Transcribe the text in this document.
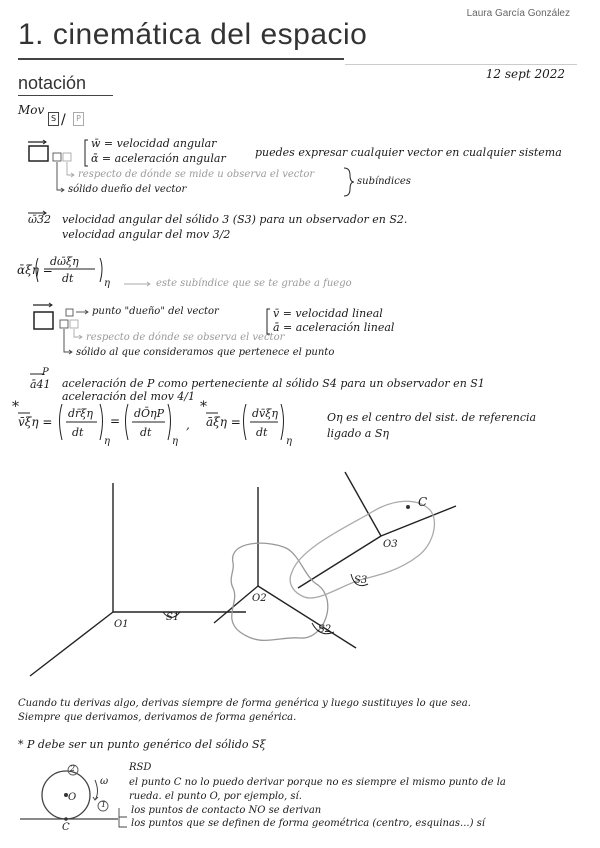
Laura García González
1. cinemática del espacio
notación	12 sept 2022
Mov
S /	P
w̄ = velocidad angular
ᾱ = aceleración angular	puedes expresar cualquier vector en cualquier sistema
respecto de dónde se mide u observa el vector
subíndices
sólido dueño del vector
ω̄32 velocidad angular del sólido 3 (S3) para un observador en S2.
velocidad angular del mov 3/2
ᾱξη =
dω̄ξη
dt	η	este subíndice que se te grabe a fuego
punto "dueño" del vector	v̄ = velocidad lineal
ā = aceleración lineal
respecto de dónde se observa el vector
sólido al que consideramos que pertenece el punto
ā41
P
aceleración de P como perteneciente al sólido S4 para un observador en S1
aceleración del mov 4/1
*
v̄ξη =
dr̄ξη
dt
η
=
dŌηP
dt
η
,
*
āξη =
dv̄ξη
dt
η
Oη es el centro del sist. de referencia
ligado a Sη
O1
O2
O3
S1
S2
S3
C
Cuando tu derivas algo, derivas siempre de forma genérica y luego sustituyes lo que sea.
Siempre que derivamos, derivamos de forma genérica.
* P debe ser un punto genérico del sólido Sξ
C
O
ω
2
1
RSD
el punto C no lo puedo derivar porque no es siempre el mismo punto de la
rueda. el punto O, por ejemplo, sí.
los puntos de contacto NO se derivan
los puntos que se definen de forma geométrica (centro, esquinas...) sí
